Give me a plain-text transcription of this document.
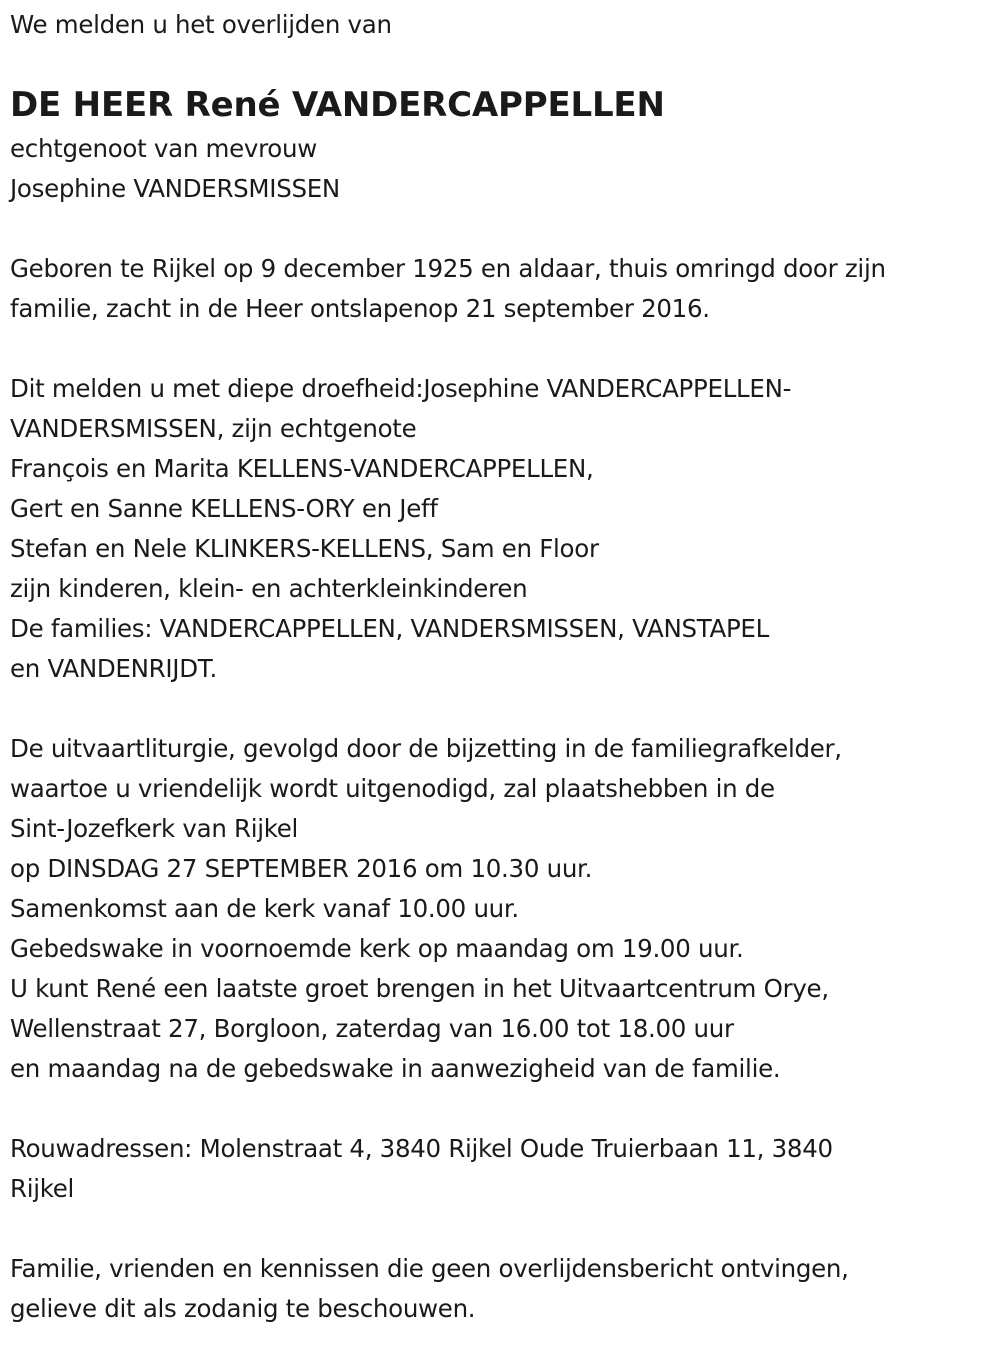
We melden u het overlijden van
DE HEER René VANDERCAPPELLEN
echtgenoot van mevrouw
Josephine VANDERSMISSEN
Geboren te Rijkel op 9 december 1925 en aldaar, thuis omringd door zijn
familie, zacht in de Heer ontslapenop 21 september 2016.
Dit melden u met diepe droefheid:Josephine VANDERCAPPELLEN-
VANDERSMISSEN, zijn echtgenote
François en Marita KELLENS-VANDERCAPPELLEN,
Gert en Sanne KELLENS-ORY en Jeff
Stefan en Nele KLINKERS-KELLENS, Sam en Floor
zijn kinderen, klein- en achterkleinkinderen
De families: VANDERCAPPELLEN, VANDERSMISSEN, VANSTAPEL
en VANDENRIJDT.
De uitvaartliturgie, gevolgd door de bijzetting in de familiegrafkelder,
waartoe u vriendelijk wordt uitgenodigd, zal plaatshebben in de
Sint-Jozefkerk van Rijkel
op DINSDAG 27 SEPTEMBER 2016 om 10.30 uur.
Samenkomst aan de kerk vanaf 10.00 uur.
Gebedswake in voornoemde kerk op maandag om 19.00 uur.
U kunt René een laatste groet brengen in het Uitvaartcentrum Orye,
Wellenstraat 27, Borgloon, zaterdag van 16.00 tot 18.00 uur
en maandag na de gebedswake in aanwezigheid van de familie.
Rouwadressen: Molenstraat 4, 3840 Rijkel Oude Truierbaan 11, 3840
Rijkel
Familie, vrienden en kennissen die geen overlijdensbericht ontvingen,
gelieve dit als zodanig te beschouwen.
